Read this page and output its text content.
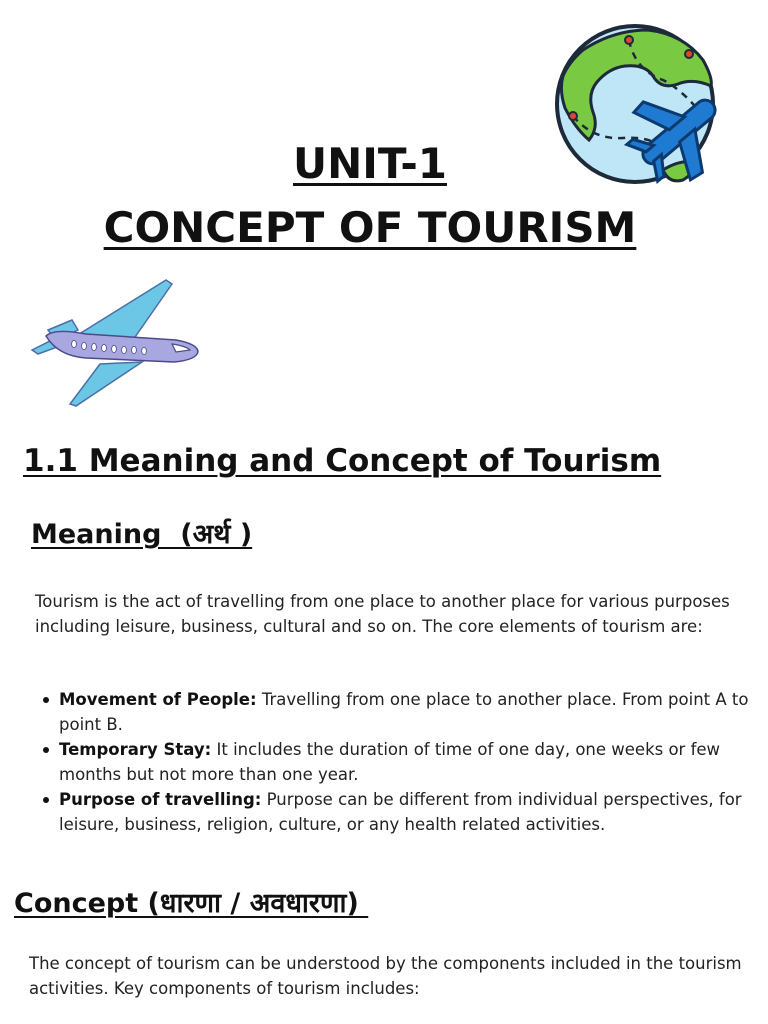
UNIT-1
CONCEPT OF TOURISM
1.1 Meaning and Concept of Tourism
Meaning  (अर्थ )
Tourism is the act of travelling from one place to another place for various purposes including leisure, business, cultural and so on. The core elements of tourism are:
Movement of People: Travelling from one place to another place. From point A to point B.
Temporary Stay: It includes the duration of time of one day, one weeks or few months but not more than one year.
Purpose of travelling: Purpose can be different from individual perspectives, for leisure, business, religion, culture, or any health related activities.
Concept (धारणा / अवधारणा)
The concept of tourism can be understood by the components included in the tourism activities. Key components of tourism includes:
